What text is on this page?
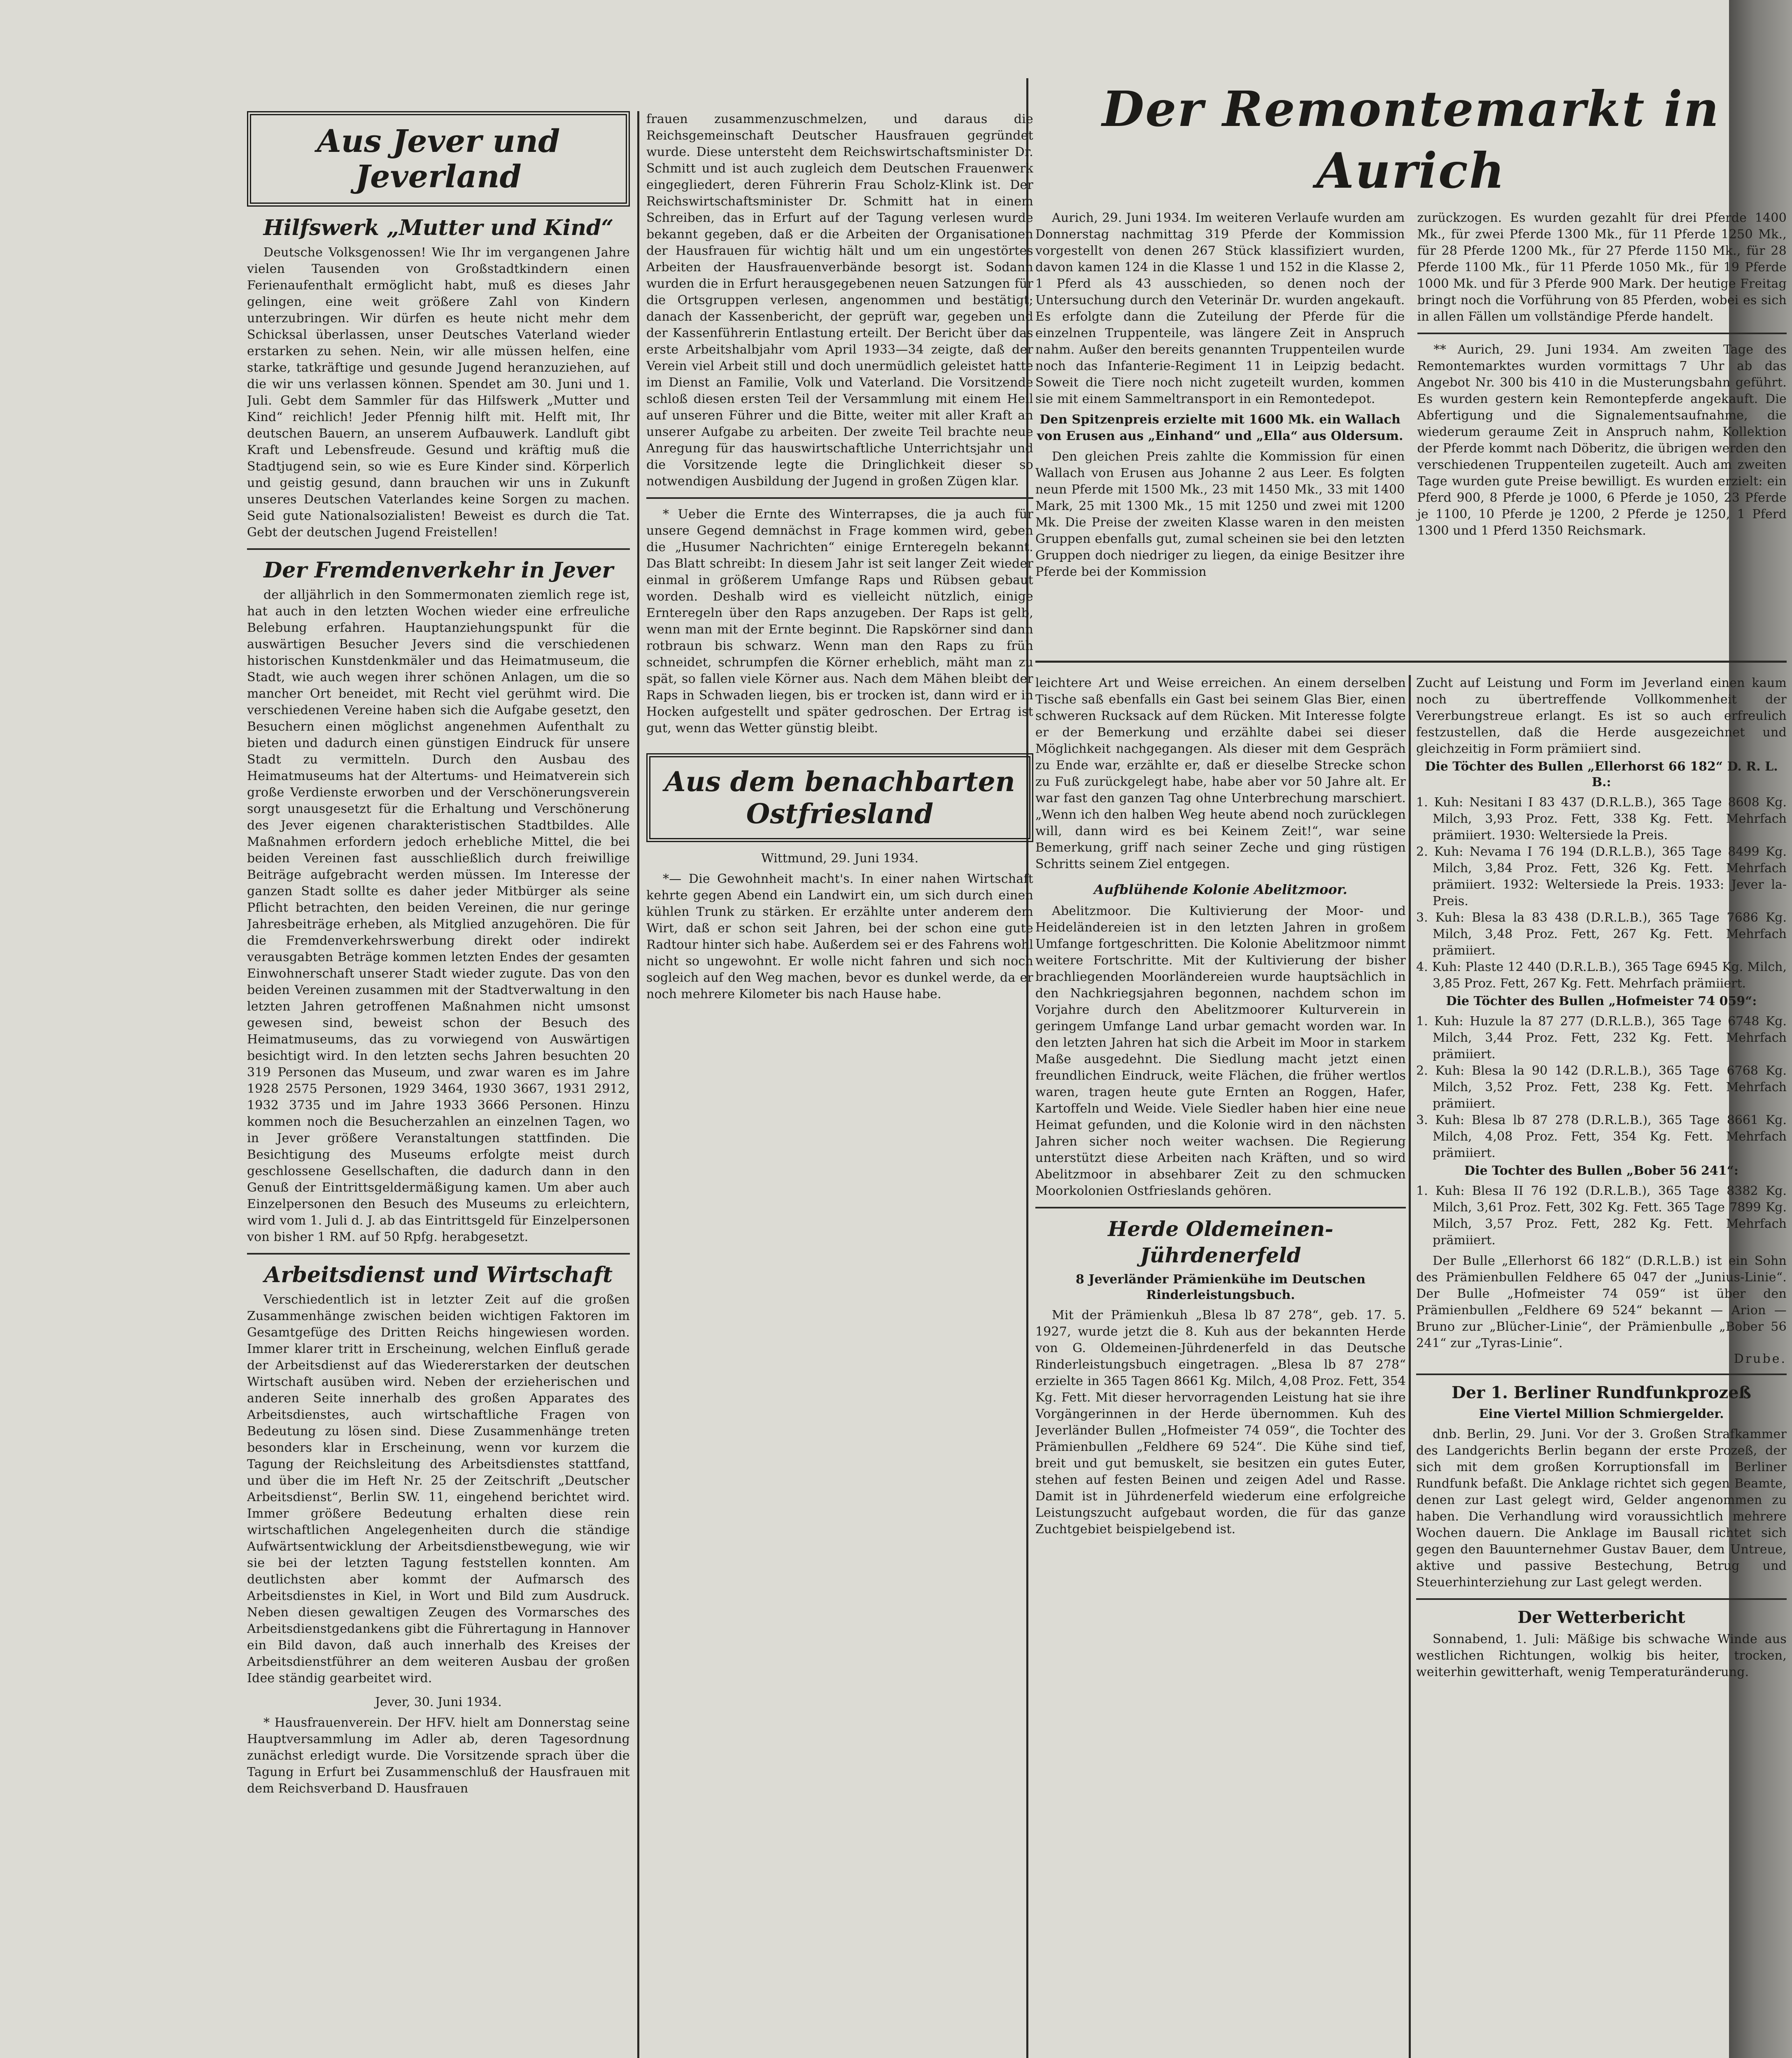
Aus Jever und Jeverland
Hilfswerk „Mutter und Kind“

Deutsche Volksgenossen! Wie Ihr im vergangenen Jahre vielen Tausenden von Großstadtkindern einen Ferienaufenthalt ermöglicht habt, muß es dieses Jahr gelingen, eine weit größere Zahl von Kindern unterzubringen. Wir dürfen es heute nicht mehr dem Schicksal überlassen, unser Deutsches Vaterland wieder erstarken zu sehen. Nein, wir alle müssen helfen, eine starke, tatkräftige und gesunde Jugend heranzuziehen, auf die wir uns verlassen können. Spendet am 30. Juni und 1. Juli. Gebt dem Sammler für das Hilfswerk „Mutter und Kind“ reichlich! Jeder Pfennig hilft mit. Helft mit, Ihr deutschen Bauern, an unserem Aufbauwerk. Landluft gibt Kraft und Lebensfreude. Gesund und kräftig muß die Stadtjugend sein, so wie es Eure Kinder sind. Körperlich und geistig gesund, dann brauchen wir uns in Zukunft unseres Deutschen Vaterlandes keine Sorgen zu machen. Seid gute Nationalsozialisten! Beweist es durch die Tat. Gebt der deutschen Jugend Freistellen!

Der Fremdenverkehr in Jever

der alljährlich in den Sommermonaten ziemlich rege ist, hat auch in den letzten Wochen wieder eine erfreuliche Belebung erfahren. Hauptanziehungspunkt für die auswärtigen Besucher Jevers sind die verschiedenen historischen Kunstdenkmäler und das Heimatmuseum, die Stadt, wie auch wegen ihrer schönen Anlagen, um die so mancher Ort beneidet, mit Recht viel gerühmt wird. Die verschiedenen Vereine haben sich die Aufgabe gesetzt, den Besuchern einen möglichst angenehmen Aufenthalt zu bieten und dadurch einen günstigen Eindruck für unsere Stadt zu vermitteln. Durch den Ausbau des Heimatmuseums hat der Altertums- und Heimatverein sich große Verdienste erworben und der Verschönerungsverein sorgt unausgesetzt für die Erhaltung und Verschönerung des Jever eigenen charakteristischen Stadtbildes. Alle Maßnahmen erfordern jedoch erhebliche Mittel, die bei beiden Vereinen fast ausschließlich durch freiwillige Beiträge aufgebracht werden müssen. Im Interesse der ganzen Stadt sollte es daher jeder Mitbürger als seine Pflicht betrachten, den beiden Vereinen, die nur geringe Jahresbeiträge erheben, als Mitglied anzugehören. Die für die Fremdenverkehrswerbung direkt oder indirekt verausgabten Beträge kommen letzten Endes der gesamten Einwohnerschaft unserer Stadt wieder zugute. Das von den beiden Vereinen zusammen mit der Stadtverwaltung in den letzten Jahren getroffenen Maßnahmen nicht umsonst gewesen sind, beweist schon der Besuch des Heimatmuseums, das zu vorwiegend von Auswärtigen besichtigt wird. In den letzten sechs Jahren besuchten 20 319 Personen das Museum, und zwar waren es im Jahre 1928 2575 Personen, 1929 3464, 1930 3667, 1931 2912, 1932 3735 und im Jahre 1933 3666 Personen. Hinzu kommen noch die Besucherzahlen an einzelnen Tagen, wo in Jever größere Veranstaltungen stattfinden. Die Besichtigung des Museums erfolgte meist durch geschlossene Gesellschaften, die dadurch dann in den Genuß der Eintrittsgeldermäßigung kamen. Um aber auch Einzelpersonen den Besuch des Museums zu erleichtern, wird vom 1. Juli d. J. ab das Eintrittsgeld für Einzelpersonen von bisher 1 RM. auf 50 Rpfg. herabgesetzt.

Arbeitsdienst und Wirtschaft

Verschiedentlich ist in letzter Zeit auf die großen Zusammenhänge zwischen beiden wichtigen Faktoren im Gesamtgefüge des Dritten Reichs hingewiesen worden. Immer klarer tritt in Erscheinung, welchen Einfluß gerade der Arbeitsdienst auf das Wiedererstarken der deutschen Wirtschaft ausüben wird. Neben der erzieherischen und anderen Seite innerhalb des großen Apparates des Arbeitsdienstes, auch wirtschaftliche Fragen von Bedeutung zu lösen sind. Diese Zusammenhänge treten besonders klar in Erscheinung, wenn vor kurzem die Tagung der Reichsleitung des Arbeitsdienstes stattfand, und über die im Heft Nr. 25 der Zeitschrift „Deutscher Arbeitsdienst“, Berlin SW. 11, eingehend berichtet wird. Immer größere Bedeutung erhalten diese rein wirtschaftlichen Angelegenheiten durch die ständige Aufwärtsentwicklung der Arbeitsdienstbewegung, wie wir sie bei der letzten Tagung feststellen konnten. Am deutlichsten aber kommt der Aufmarsch des Arbeitsdienstes in Kiel, in Wort und Bild zum Ausdruck. Neben diesen gewaltigen Zeugen des Vormarsches des Arbeitsdienstgedankens gibt die Führertagung in Hannover ein Bild davon, daß auch innerhalb des Kreises der Arbeitsdienstführer an dem weiteren Ausbau der großen Idee ständig gearbeitet wird.

Jever, 30. Juni 1934.

* Hausfrauenverein. Der HFV. hielt am Donnerstag seine Hauptversammlung im Adler ab, deren Tagesordnung zunächst erledigt wurde. Die Vorsitzende sprach über die Tagung in Erfurt bei Zusammenschluß der Hausfrauen mit dem Reichsverband D. Hausfrauen

frauen zusammenzuschmelzen, und daraus die Reichsgemeinschaft Deutscher Hausfrauen gegründet wurde. Diese untersteht dem Reichswirtschaftsminister Dr. Schmitt und ist auch zugleich dem Deutschen Frauenwerk eingegliedert, deren Führerin Frau Scholz-Klink ist. Der Reichswirtschaftsminister Dr. Schmitt hat in einem Schreiben, das in Erfurt auf der Tagung verlesen wurde bekannt gegeben, daß er die Arbeiten der Organisationen der Hausfrauen für wichtig hält und um ein ungestörtes Arbeiten der Hausfrauenverbände besorgt ist. Sodann wurden die in Erfurt herausgegebenen neuen Satzungen für die Ortsgruppen verlesen, angenommen und bestätigt; danach der Kassenbericht, der geprüft war, gegeben und der Kassenführerin Entlastung erteilt. Der Bericht über das erste Arbeitshalbjahr vom April 1933—34 zeigte, daß der Verein viel Arbeit still und doch unermüdlich geleistet hatte im Dienst an Familie, Volk und Vaterland. Die Vorsitzende schloß diesen ersten Teil der Versammlung mit einem Heil auf unseren Führer und die Bitte, weiter mit aller Kraft an unserer Aufgabe zu arbeiten. Der zweite Teil brachte neue Anregung für das hauswirtschaftliche Unterrichtsjahr und die Vorsitzende legte die Dringlichkeit dieser so notwendigen Ausbildung der Jugend in großen Zügen klar.

* Ueber die Ernte des Winterrapses, die ja auch für unsere Gegend demnächst in Frage kommen wird, geben die „Husumer Nachrichten“ einige Ernteregeln bekannt. Das Blatt schreibt: In diesem Jahr ist seit langer Zeit wieder einmal in größerem Umfange Raps und Rübsen gebaut worden. Deshalb wird es vielleicht nützlich, einige Ernteregeln über den Raps anzugeben. Der Raps ist gelb, wenn man mit der Ernte beginnt. Die Rapskörner sind dann rotbraun bis schwarz. Wenn man den Raps zu früh schneidet, schrumpfen die Körner erheblich, mäht man zu spät, so fallen viele Körner aus. Nach dem Mähen bleibt der Raps in Schwaden liegen, bis er trocken ist, dann wird er in Hocken aufgestellt und später gedroschen. Der Ertrag ist gut, wenn das Wetter günstig bleibt.

Aus dem benachbarten Ostfriesland
Wittmund, 29. Juni 1934.

*— Die Gewohnheit macht's. In einer nahen Wirtschaft kehrte gegen Abend ein Landwirt ein, um sich durch einen kühlen Trunk zu stärken. Er erzählte unter anderem dem Wirt, daß er schon seit Jahren, bei der schon eine gute Radtour hinter sich habe. Außerdem sei er des Fahrens wohl nicht so ungewohnt. Er wolle nicht fahren und sich noch sogleich auf den Weg machen, bevor es dunkel werde, da er noch mehrere Kilometer bis nach Hause habe.

Der Remontemarkt in Aurich

Aurich, 29. Juni 1934. Im weiteren Verlaufe wurden am Donnerstag nachmittag 319 Pferde der Kommission vorgestellt von denen 267 Stück klassifiziert wurden, davon kamen 124 in die Klasse 1 und 152 in die Klasse 2, 1 Pferd als 43 ausschieden, so denen noch der Untersuchung durch den Veterinär Dr. wurden angekauft. Es erfolgte dann die Zuteilung der Pferde für die einzelnen Truppenteile, was längere Zeit in Anspruch nahm. Außer den bereits genannten Truppenteilen wurde noch das Infanterie-Regiment 11 in Leipzig bedacht. Soweit die Tiere noch nicht zugeteilt wurden, kommen sie mit einem Sammeltransport in ein Remontedepot.

Den Spitzenpreis erzielte mit 1600 Mk. ein Wallach von Erusen aus „Einhand“ und „Ella“ aus Oldersum.

Den gleichen Preis zahlte die Kommission für einen Wallach von Erusen aus Johanne 2 aus Leer. Es folgten neun Pferde mit 1500 Mk., 23 mit 1450 Mk., 33 mit 1400 Mark, 25 mit 1300 Mk., 15 mit 1250 und zwei mit 1200 Mk. Die Preise der zweiten Klasse waren in den meisten Gruppen ebenfalls gut, zumal scheinen sie bei den letzten Gruppen doch niedriger zu liegen, da einige Besitzer ihre Pferde bei der Kommission

zurückzogen. Es wurden gezahlt für drei Pferde 1400 Mk., für zwei Pferde 1300 Mk., für 11 Pferde 1250 Mk., für 28 Pferde 1200 Mk., für 27 Pferde 1150 Mk., für 28 Pferde 1100 Mk., für 11 Pferde 1050 Mk., für 19 Pferde 1000 Mk. und für 3 Pferde 900 Mark. Der heutige Freitag bringt noch die Vorführung von 85 Pferden, wobei es sich in allen Fällen um vollständige Pferde handelt.

** Aurich, 29. Juni 1934. Am zweiten Tage des Remontemarktes wurden vormittags 7 Uhr ab das Angebot Nr. 300 bis 410 in die Musterungsbahn geführt. Es wurden gestern kein Remontepferde angekauft. Die Abfertigung und die Signalementsaufnahme, die wiederum geraume Zeit in Anspruch nahm, Kollektion der Pferde kommt nach Döberitz, die übrigen werden den verschiedenen Truppenteilen zugeteilt. Auch am zweiten Tage wurden gute Preise bewilligt. Es wurden erzielt: ein Pferd 900, 8 Pferde je 1000, 6 Pferde je 1050, 23 Pferde je 1100, 10 Pferde je 1200, 2 Pferde je 1250, 1 Pferd 1300 und 1 Pferd 1350 Reichsmark.

leichtere Art und Weise erreichen. An einem derselben Tische saß ebenfalls ein Gast bei seinem Glas Bier, einen schweren Rucksack auf dem Rücken. Mit Interesse folgte er der Bemerkung und erzählte dabei sei dieser Möglichkeit nachgegangen. Als dieser mit dem Gespräch zu Ende war, erzählte er, daß er dieselbe Strecke schon zu Fuß zurückgelegt habe, habe aber vor 50 Jahre alt. Er war fast den ganzen Tag ohne Unterbrechung marschiert. „Wenn ich den halben Weg heute abend noch zurücklegen will, dann wird es bei Keinem Zeit!“, war seine Bemerkung, griff nach seiner Zeche und ging rüstigen Schritts seinem Ziel entgegen.

Aufblühende Kolonie Abelitzmoor.

Abelitzmoor. Die Kultivierung der Moor- und Heideländereien ist in den letzten Jahren in großem Umfange fortgeschritten. Die Kolonie Abelitzmoor nimmt weitere Fortschritte. Mit der Kultivierung der bisher brachliegenden Moorländereien wurde hauptsächlich in den Nachkriegsjahren begonnen, nachdem schon im Vorjahre durch den Abelitzmoorer Kulturverein in geringem Umfange Land urbar gemacht worden war. In den letzten Jahren hat sich die Arbeit im Moor in starkem Maße ausgedehnt. Die Siedlung macht jetzt einen freundlichen Eindruck, weite Flächen, die früher wertlos waren, tragen heute gute Ernten an Roggen, Hafer, Kartoffeln und Weide. Viele Siedler haben hier eine neue Heimat gefunden, und die Kolonie wird in den nächsten Jahren sicher noch weiter wachsen. Die Regierung unterstützt diese Arbeiten nach Kräften, und so wird Abelitzmoor in absehbarer Zeit zu den schmucken Moorkolonien Ostfrieslands gehören.

Herde Oldemeinen-Jührdenerfeld
8 Jeverländer Prämienkühe im Deutschen Rinderleistungsbuch.

Mit der Prämienkuh „Blesa lb 87 278“, geb. 17. 5. 1927, wurde jetzt die 8. Kuh aus der bekannten Herde von G. Oldemeinen-Jührdenerfeld in das Deutsche Rinderleistungsbuch eingetragen. „Blesa lb 87 278“ erzielte in 365 Tagen 8661 Kg. Milch, 4,08 Proz. Fett, 354 Kg. Fett. Mit dieser hervorragenden Leistung hat sie ihre Vorgängerinnen in der Herde übernommen. Kuh des Jeverländer Bullen „Hofmeister 74 059“, die Tochter des Prämienbullen „Feldhere 69 524“. Die Kühe sind tief, breit und gut bemuskelt, sie besitzen ein gutes Euter, stehen auf festen Beinen und zeigen Adel und Rasse. Damit ist in Jührdenerfeld wiederum eine erfolgreiche Leistungszucht aufgebaut worden, die für das ganze Zuchtgebiet beispielgebend ist.

Zucht auf Leistung und Form im Jeverland einen kaum noch zu übertreffende Vollkommenheit der Vererbungstreue erlangt. Es ist so auch erfreulich festzustellen, daß die Herde ausgezeichnet und gleichzeitig in Form prämiiert sind.

Die Töchter des Bullen „Ellerhorst 66 182“ D. R. L. B.:

1. Kuh: Nesitani I 83 437 (D.R.L.B.), 365 Tage 8608 Kg. Milch, 3,93 Proz. Fett, 338 Kg. Fett. Mehrfach prämiiert. 1930: Weltersiede la Preis.

2. Kuh: Nevama I 76 194 (D.R.L.B.), 365 Tage 8499 Kg. Milch, 3,84 Proz. Fett, 326 Kg. Fett. Mehrfach prämiiert. 1932: Weltersiede la Preis. 1933: Jever la-Preis.

3. Kuh: Blesa la 83 438 (D.R.L.B.), 365 Tage 7686 Kg. Milch, 3,48 Proz. Fett, 267 Kg. Fett. Mehrfach prämiiert.

4. Kuh: Plaste 12 440 (D.R.L.B.), 365 Tage 6945 Kg. Milch, 3,85 Proz. Fett, 267 Kg. Fett. Mehrfach prämiiert.

Die Töchter des Bullen „Hofmeister 74 059“:

1. Kuh: Huzule la 87 277 (D.R.L.B.), 365 Tage 6748 Kg. Milch, 3,44 Proz. Fett, 232 Kg. Fett. Mehrfach prämiiert.

2. Kuh: Blesa la 90 142 (D.R.L.B.), 365 Tage 6768 Kg. Milch, 3,52 Proz. Fett, 238 Kg. Fett. Mehrfach prämiiert.

3. Kuh: Blesa lb 87 278 (D.R.L.B.), 365 Tage 8661 Kg. Milch, 4,08 Proz. Fett, 354 Kg. Fett. Mehrfach prämiiert.

Die Tochter des Bullen „Bober 56 241“:

1. Kuh: Blesa II 76 192 (D.R.L.B.), 365 Tage 8382 Kg. Milch, 3,61 Proz. Fett, 302 Kg. Fett. 365 Tage 7899 Kg. Milch, 3,57 Proz. Fett, 282 Kg. Fett. Mehrfach prämiiert.

Der Bulle „Ellerhorst 66 182“ (D.R.L.B.) ist ein Sohn des Prämienbullen Feldhere 65 047 der „Junius-Linie“. Der Bulle „Hofmeister 74 059“ ist über den Prämienbullen „Feldhere 69 524“ bekannt — Arion — Bruno zur „Blücher-Linie“, der Prämienbulle „Bober 56 241“ zur „Tyras-Linie“.

Drube.
Der 1. Berliner Rundfunkprozeß
Eine Viertel Million Schmiergelder.

dnb. Berlin, 29. Juni. Vor der 3. Großen Strafkammer des Landgerichts Berlin begann der erste Prozeß, der sich mit dem großen Korruptionsfall im Berliner Rundfunk befaßt. Die Anklage richtet sich gegen Beamte, denen zur Last gelegt wird, Gelder angenommen zu haben. Die Verhandlung wird voraussichtlich mehrere Wochen dauern. Die Anklage im Bausall richtet sich gegen den Bauunternehmer Gustav Bauer, dem Untreue, aktive und passive Bestechung, Betrug und Steuerhinterziehung zur Last gelegt werden.

Der Wetterbericht

Sonnabend, 1. Juli: Mäßige bis schwache Winde aus westlichen Richtungen, wolkig bis heiter, trocken, weiterhin gewitterhaft, wenig Temperaturänderung.
